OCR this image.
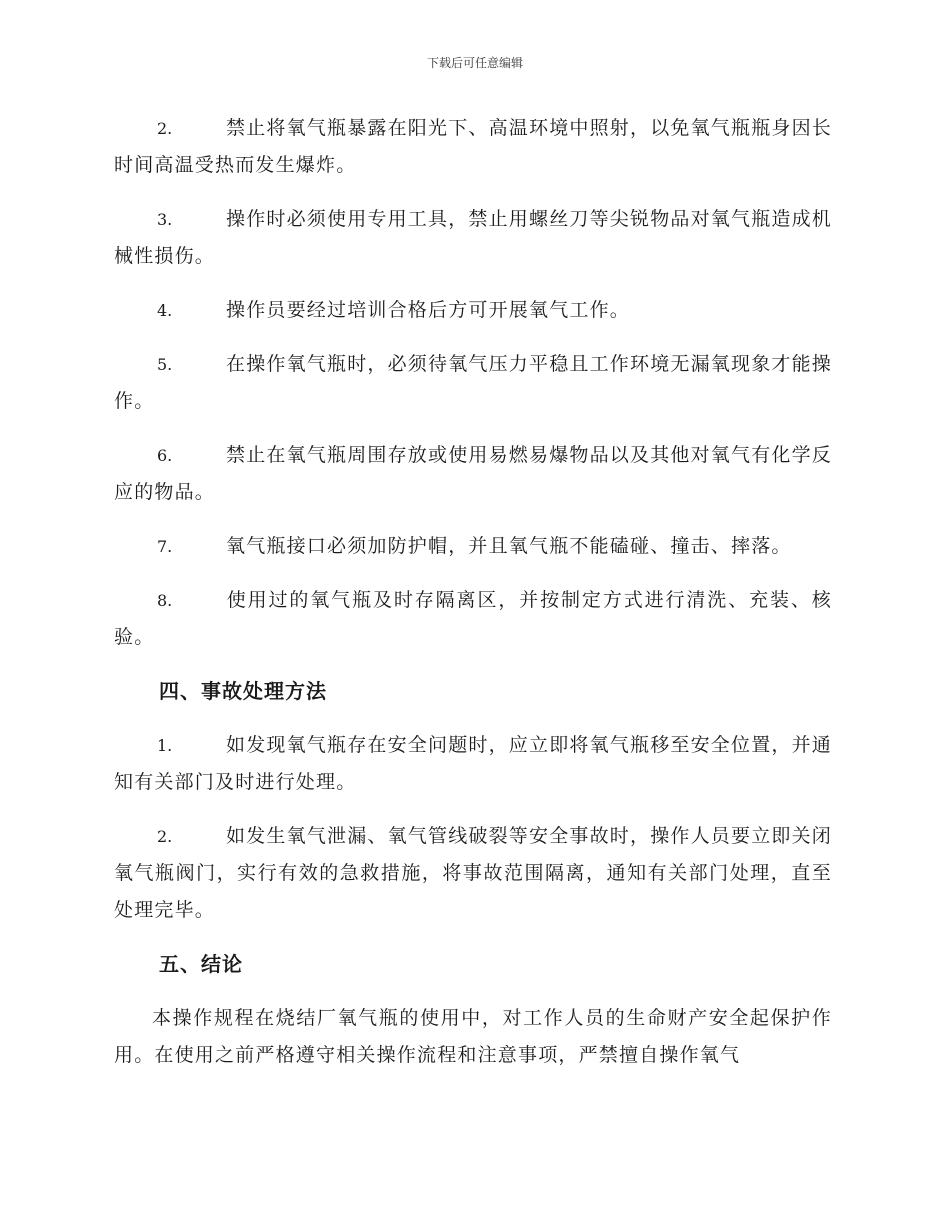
下载后可任意编辑
2.	禁止将氧气瓶暴露在阳光下、高温环境中照射，以免氧气瓶瓶身因长时间高温受热而发生爆炸。
3.	操作时必须使用专用工具，禁止用螺丝刀等尖锐物品对氧气瓶造成机械性损伤。
4.	操作员要经过培训合格后方可开展氧气工作。
5.	在操作氧气瓶时，必须待氧气压力平稳且工作环境无漏氧现象才能操作。
6.	禁止在氧气瓶周围存放或使用易燃易爆物品以及其他对氧气有化学反应的物品。
7.	氧气瓶接口必须加防护帽，并且氧气瓶不能磕碰、撞击、摔落。
8.	使用过的氧气瓶及时存隔离区，并按制定方式进行清洗、充装、核验。
四、事故处理方法
1.	如发现氧气瓶存在安全问题时，应立即将氧气瓶移至安全位置，并通知有关部门及时进行处理。
2.	如发生氧气泄漏、氧气管线破裂等安全事故时，操作人员要立即关闭氧气瓶阀门，实行有效的急救措施，将事故范围隔离，通知有关部门处理，直至处理完毕。
五、结论
本操作规程在烧结厂氧气瓶的使用中，对工作人员的生命财产安全起保护作用。在使用之前严格遵守相关操作流程和注意事项，严禁擅自操作氧气
